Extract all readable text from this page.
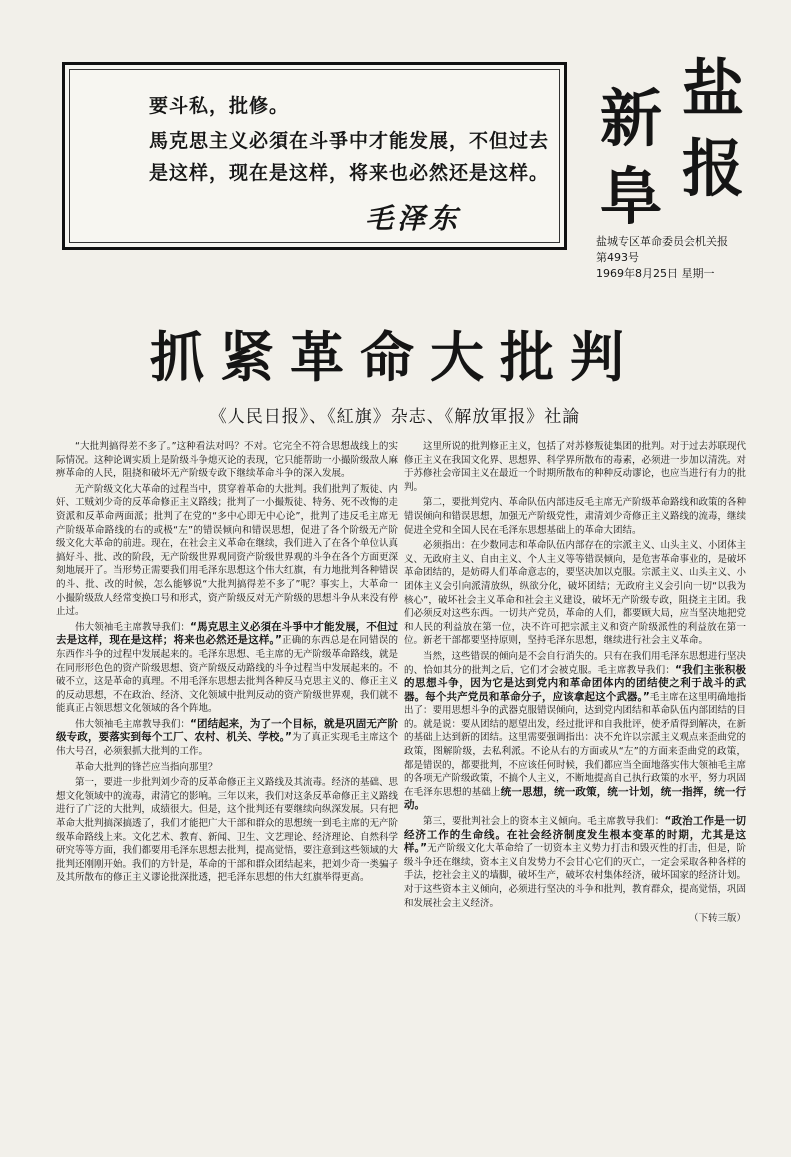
要斗私，批修。
馬克思主义必須在斗爭中才能发展，不但过去是这样，现在是这样，将来也必然还是这样。
毛泽东
新 盐
阜 报
盐城专区革命委员会机关报
第493号
1969年8月25日 星期一
抓紧革命大批判
《人民日报》、《紅旗》杂志、《解放軍报》社論

“大批判搞得差不多了。”这种看法对吗？不对。它完全不符合思想战线上的实际情况。这种论调实质上是阶级斗争熄灭论的表现，它只能帮助一小撮阶级敌人麻痹革命的人民，阻挠和破坏无产阶级专政下继续革命斗争的深入发展。

无产阶级文化大革命的过程当中，贯穿着革命的大批判。我们批判了叛徒、内奸、工贼刘少奇的反革命修正主义路线；批判了一小撮叛徒、特务、死不改悔的走资派和反革命两面派；批判了在党的“多中心即无中心论”，批判了违反毛主席无产阶级革命路线的右的或极“左”的错误倾向和错误思想，促进了各个阶级无产阶级文化大革命的前进。现在，在社会主义革命在继续，我们进入了在各个单位认真搞好斗、批、改的阶段，无产阶级世界观同资产阶级世界观的斗争在各个方面更深刻地展开了。当形势正需要我们用毛泽东思想这个伟大红旗，有力地批判各种错误的斗、批、改的时候，怎么能够说“大批判搞得差不多了”呢？事实上，大革命一小撮阶级敌人经常变换口号和形式，资产阶级反对无产阶级的思想斗争从来没有停止过。

伟大领袖毛主席教导我们：“馬克思主义必須在斗爭中才能发展，不但过去是这样，现在是这样；将来也必然还是这样。”正确的东西总是在同错误的东西作斗争的过程中发展起来的。毛泽东思想、毛主席的无产阶级革命路线，就是在同形形色色的资产阶级思想、资产阶级反动路线的斗争过程当中发展起来的。不破不立，这是革命的真理。不用毛泽东思想去批判各种反马克思主义的、修正主义的反动思想，不在政治、经济、文化领域中批判反动的资产阶级世界观，我们就不能真正占领思想文化领域的各个阵地。

伟大领袖毛主席教导我们：“团结起来，为了一个目标，就是巩固无产阶级专政，要落实到每个工厂、农村、机关、学校。”为了真正实现毛主席这个伟大号召，必须狠抓大批判的工作。

革命大批判的锋芒应当指向那里？

第一，要进一步批判刘少奇的反革命修正主义路线及其流毒。经济的基础、思想文化领域中的流毒，肃清它的影响。三年以来，我们对这条反革命修正主义路线进行了广泛的大批判，成绩很大。但是，这个批判还有要继续向纵深发展。只有把革命大批判搞深搞透了，我们才能把广大干部和群众的思想统一到毛主席的无产阶级革命路线上来。文化艺术、教育、新闻、卫生、文艺理论、经济理论、自然科学研究等等方面，我们都要用毛泽东思想去批判，提高觉悟，要注意到这些领域的大批判还刚刚开始。我们的方针是，革命的干部和群众团结起来，把刘少奇一类骗子及其所散布的修正主义谬论批深批透，把毛泽东思想的伟大红旗举得更高。

这里所说的批判修正主义，包括了对苏修叛徒集团的批判。对于过去苏联现代修正主义在我国文化界、思想界、科学界所散布的毒素，必须进一步加以清洗。对于苏修社会帝国主义在最近一个时期所散布的种种反动谬论，也应当进行有力的批判。

第二，要批判党内、革命队伍内部违反毛主席无产阶级革命路线和政策的各种错误倾向和错误思想，加强无产阶级党性，肃清刘少奇修正主义路线的流毒，继续促进全党和全国人民在毛泽东思想基础上的革命大团结。

必须指出：在少数同志和革命队伍内部存在的宗派主义、山头主义、小团体主义、无政府主义、自由主义、个人主义等等错误倾向，是危害革命事业的，是破坏革命团结的，是妨碍人们革命意志的，要坚决加以克服。宗派主义、山头主义、小团体主义会引向派清放纵，纵欲分化，破坏团结；无政府主义会引向一切“以我为核心”，破坏社会主义革命和社会主义建设，破坏无产阶级专政，阻挠主主团。我们必须反对这些东西。一切共产党员，革命的人们，都要顾大局，应当坚决地把党和人民的利益放在第一位，决不许可把宗派主义和资产阶级派性的利益放在第一位。新老干部都要坚持原则，坚持毛泽东思想，继续进行社会主义革命。

当然，这些错误的倾向是不会自行消失的。只有在我们用毛泽东思想进行坚决的、恰如其分的批判之后，它们才会被克服。毛主席教导我们：“我们主张积极的思想斗争，因为它是达到党内和革命团体内的团结使之利于战斗的武器。每个共产党员和革命分子，应该拿起这个武器。”毛主席在这里明确地指出了：要用思想斗争的武器克服错误倾向，达到党内团结和革命队伍内部团结的目的。就是说：要从团结的愿望出发，经过批评和自我批评，使矛盾得到解决，在新的基础上达到新的团结。这里需要强调指出：决不允许以宗派主义观点来歪曲党的政策，图解阶级，去私利派。不论从右的方面或从“左”的方面来歪曲党的政策，都是错误的，都要批判，不应该任何时候，我们都应当全面地落实伟大领袖毛主席的各项无产阶级政策，不搞个人主义，不断地提高自己执行政策的水平，努力巩固在毛泽东思想的基础上统一思想，统一政策，统一计划，统一指挥，统一行动。

第三，要批判社会上的资本主义倾向。毛主席教导我们：“政治工作是一切经济工作的生命线。在社会经济制度发生根本变革的时期，尤其是这样。”无产阶级文化大革命给了一切资本主义势力打击和毁灭性的打击，但是，阶级斗争还在继续，资本主义自发势力不会甘心它们的灭亡，一定会采取各种各样的手法，挖社会主义的墙脚，破坏生产，破坏农村集体经济，破坏国家的经济计划。对于这些资本主义倾向，必须进行坚决的斗争和批判，教育群众，提高觉悟，巩固和发展社会主义经济。

（下转三版）
